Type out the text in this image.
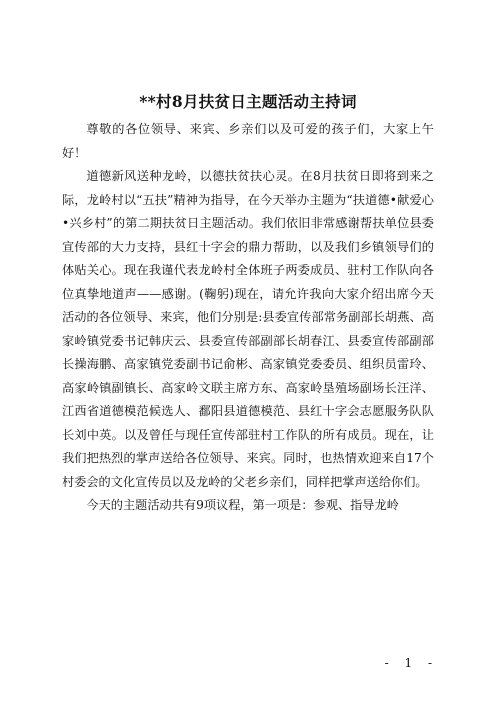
**村8月扶贫日主题活动主持词

尊敬的各位领导、来宾、乡亲们以及可爱的孩子们，大家上午好！

道德新风送种龙岭，以德扶贫扶心灵。在8月扶贫日即将到来之际，龙岭村以“五扶”精神为指导，在今天举办主题为“扶道德•献爱心•兴乡村”的第二期扶贫日主题活动。我们依旧非常感谢帮扶单位县委宣传部的大力支持，县红十字会的鼎力帮助，以及我们乡镇领导们的体贴关心。现在我谨代表龙岭村全体班子两委成员、驻村工作队向各位真挚地道声——感谢。(鞠躬)现在，请允许我向大家介绍出席今天活动的各位领导、来宾，他们分别是:县委宣传部常务副部长胡燕、高家岭镇党委书记韩庆云、县委宣传部副部长胡春江、县委宣传部副部长操海鹏、高家镇党委副书记俞彬、高家镇党委委员、组织员雷玲、高家岭镇副镇长、高家岭文联主席方东、高家岭垦殖场副场长汪洋、江西省道德模范候选人、鄱阳县道德模范、县红十字会志愿服务队队长刘中英。以及曾任与现任宣传部驻村工作队的所有成员。现在，让我们把热烈的掌声送给各位领导、来宾。同时，也热情欢迎来自17个村委会的文化宣传员以及龙岭的父老乡亲们，同样把掌声送给你们。

今天的主题活动共有9项议程，第一项是：参观、指导龙岭

- 1 -
